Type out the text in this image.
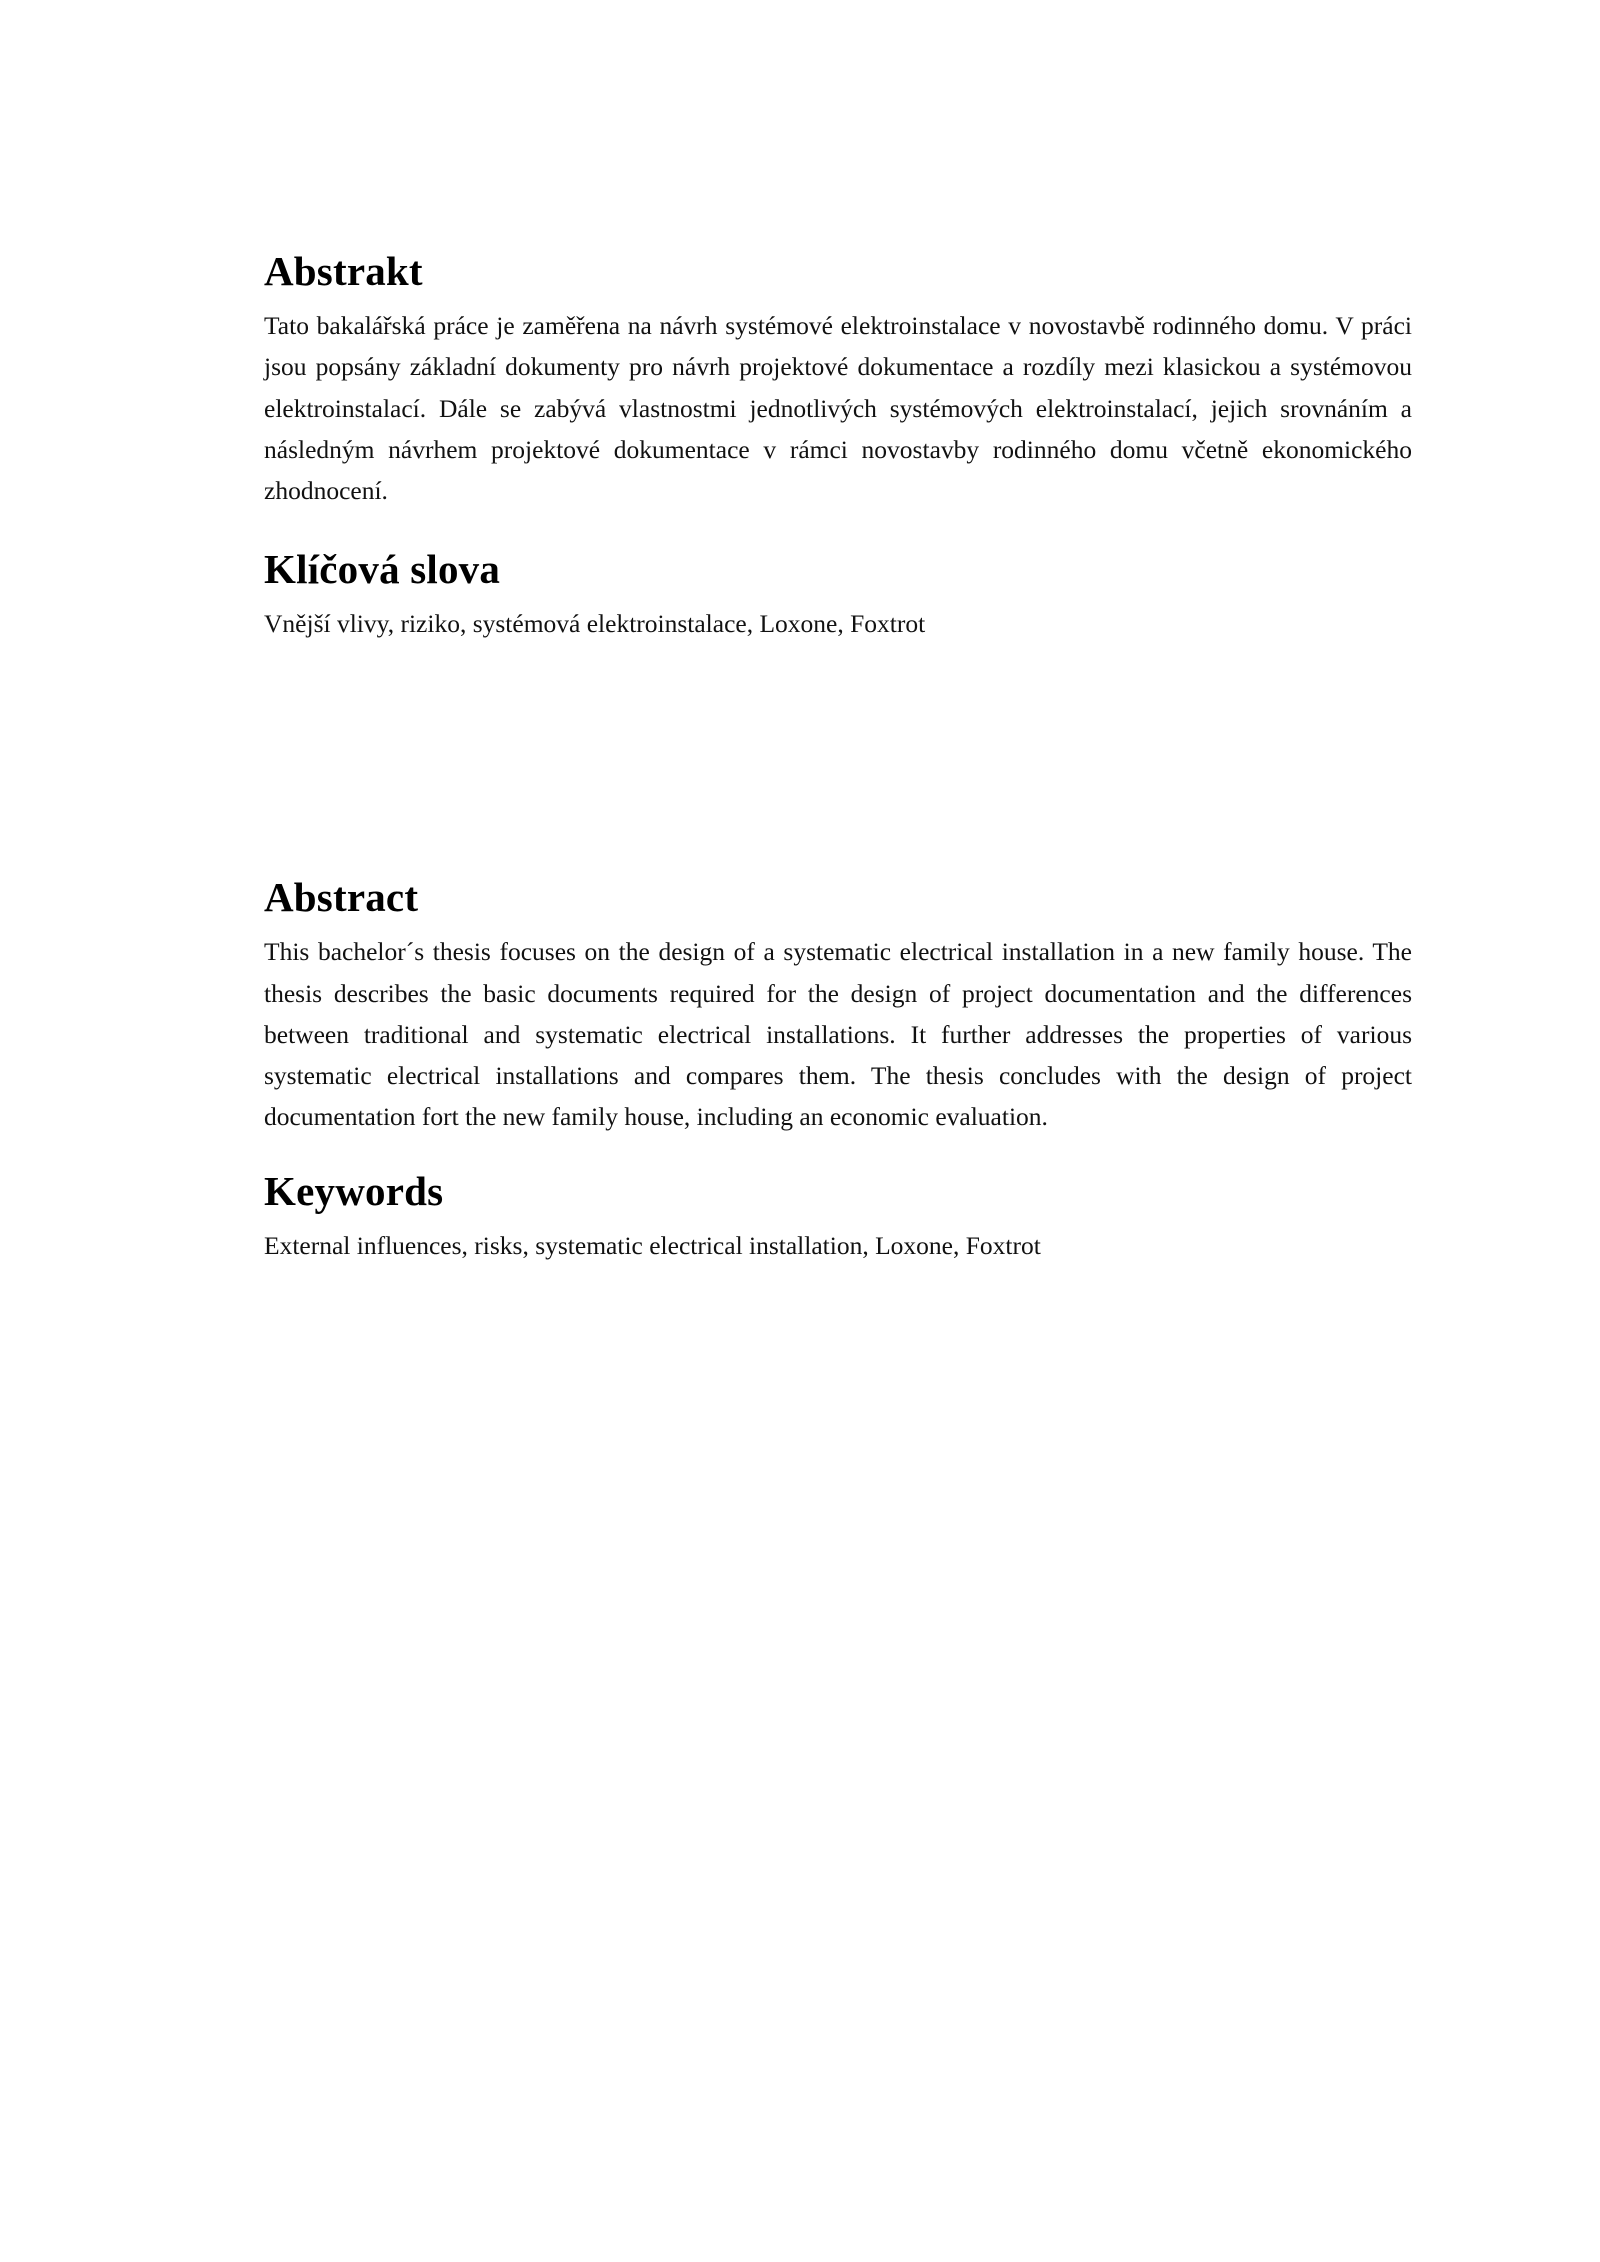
Abstrakt

Tato bakalářská práce je zaměřena na návrh systémové elektroinstalace v novostavbě rodinného domu. V práci jsou popsány základní dokumenty pro návrh projektové dokumentace a rozdíly mezi klasickou a systémovou elektroinstalací. Dále se zabývá vlastnostmi jednotlivých systémových elektroinstalací, jejich srovnáním a následným návrhem projektové dokumentace v rámci novostavby rodinného domu včetně ekonomického zhodnocení.

Klíčová slova

Vnější vlivy, riziko, systémová elektroinstalace, Loxone, Foxtrot

Abstract

This bachelor´s thesis focuses on the design of a systematic electrical installation in a new family house. The thesis describes the basic documents required for the design of project documentation and the differences between traditional and systematic electrical installations. It further addresses the properties of various systematic electrical installations and compares them. The thesis concludes with the design of project documentation fort the new family house, including an economic evaluation.

Keywords

External influences, risks, systematic electrical installation, Loxone, Foxtrot
